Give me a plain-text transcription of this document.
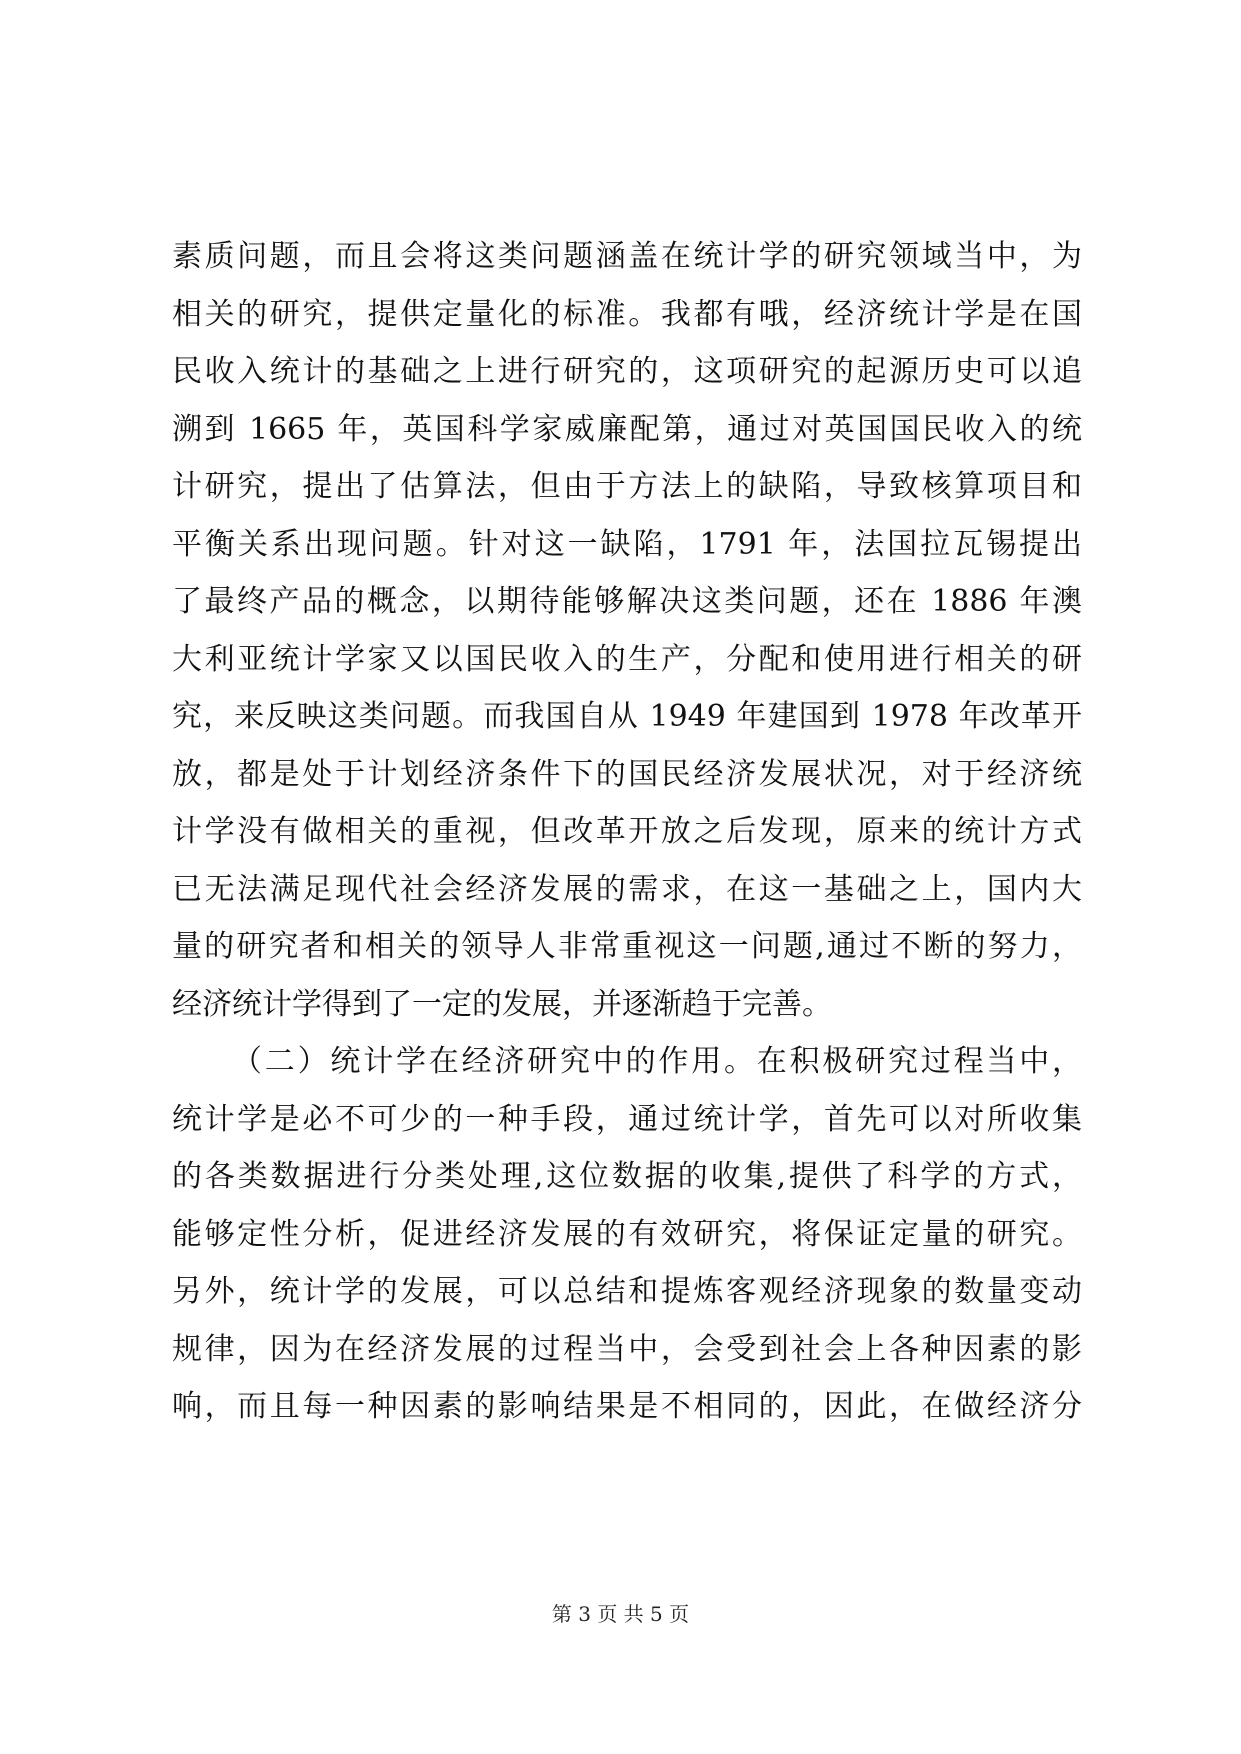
素质问题，而且会将这类问题涵盖在统计学的研究领域当中，为
相关的研究，提供定量化的标准。我都有哦，经济统计学是在国
民收入统计的基础之上进行研究的，这项研究的起源历史可以追
溯到 1665 年，英国科学家威廉配第，通过对英国国民收入的统
计研究，提出了估算法，但由于方法上的缺陷，导致核算项目和
平衡关系出现问题。针对这一缺陷，1791 年，法国拉瓦锡提出
了最终产品的概念，以期待能够解决这类问题，还在 1886 年澳
大利亚统计学家又以国民收入的生产，分配和使用进行相关的研
究，来反映这类问题。而我国自从 1949 年建国到 1978 年改革开
放，都是处于计划经济条件下的国民经济发展状况，对于经济统
计学没有做相关的重视，但改革开放之后发现，原来的统计方式
已无法满足现代社会经济发展的需求，在这一基础之上，国内大
量的研究者和相关的领导人非常重视这一问题,通过不断的努力，
经济统计学得到了一定的发展，并逐渐趋于完善。
（二）统计学在经济研究中的作用。在积极研究过程当中，
统计学是必不可少的一种手段，通过统计学，首先可以对所收集
的各类数据进行分类处理,这位数据的收集,提供了科学的方式，
能够定性分析，促进经济发展的有效研究，将保证定量的研究。
另外，统计学的发展，可以总结和提炼客观经济现象的数量变动
规律，因为在经济发展的过程当中，会受到社会上各种因素的影
响，而且每一种因素的影响结果是不相同的，因此，在做经济分
第 3 页 共 5 页
